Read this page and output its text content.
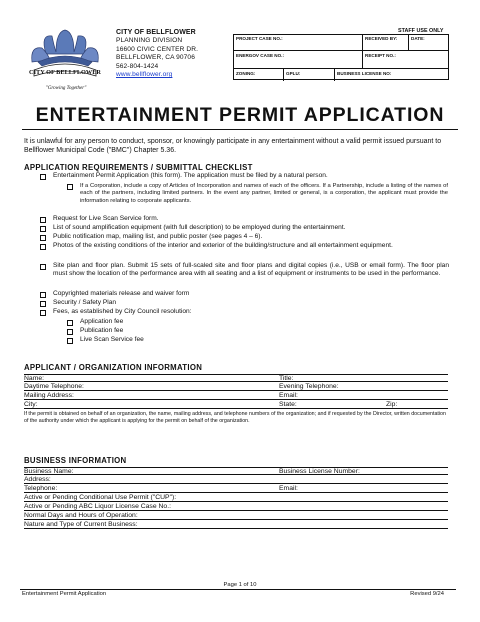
CITY OF BELLFLOWER
"Growing Together"
CITY OF BELLFLOWER
PLANNING DIVISION
16600 CIVIC CENTER DR.
BELLFLOWER, CA 90706
562-804-1424
www.bellflower.org
STAFF USE ONLY
PROJECT CASE NO.:	RECEIVED BY:	DATE:
ENERGOV CASE NO.:	RECEIPT NO.:
ZONING:	GPLU:	BUSINESS LICENSE NO:
ENTERTAINMENT PERMIT APPLICATION
It is unlawful for any person to conduct, sponsor, or knowingly participate in any entertainment without a valid permit issued pursuant to Bellflower Municipal Code ("BMC") Chapter 5.36.
APPLICATION REQUIREMENTS / SUBMITTAL CHECKLIST
Entertainment Permit Application (this form). The application must be filed by a natural person.
If a Corporation, include a copy of Articles of Incorporation and names of each of the officers. If a Partnership, include a listing of the names of each of the partners, including limited partners. In the event any partner, limited or general, is a corporation, the applicant must provide the information relating to corporate applicants.
Request for Live Scan Service form.
List of sound amplification equipment (with full description) to be employed during the entertainment.
Public notification map, mailing list, and public poster (see pages 4 – 6).
Photos of the existing conditions of the interior and exterior of the building/structure and all entertainment equipment.
Site plan and floor plan. Submit 15 sets of full-scaled site and floor plans and digital copies (i.e., USB or email form). The floor plan must show the location of the performance area with all seating and a list of equipment or instruments to be used in the performance.
Copyrighted materials release and waiver form
Security / Safety Plan
Fees, as established by City Council resolution:
Application fee
Publication fee
Live Scan Service fee
APPLICANT / ORGANIZATION INFORMATION
Name:	Title:
Daytime Telephone:	Evening Telephone:
Mailing Address:	Email:
City:	State:	Zip:
If the permit is obtained on behalf of an organization, the name, mailing address, and telephone numbers of the organization; and if requested by the Director, written documentation of the authority under which the applicant is applying for the permit on behalf of the organization.
BUSINESS INFORMATION
Business Name:	Business License Number:
Address:
Telephone:	Email:
Active or Pending Conditional Use Permit ("CUP"):
Active or Pending ABC Liquor License Case No.:
Normal Days and Hours of Operation:
Nature and Type of Current Business:
Page 1 of 10
Entertainment Permit Application	Revised 9/24
